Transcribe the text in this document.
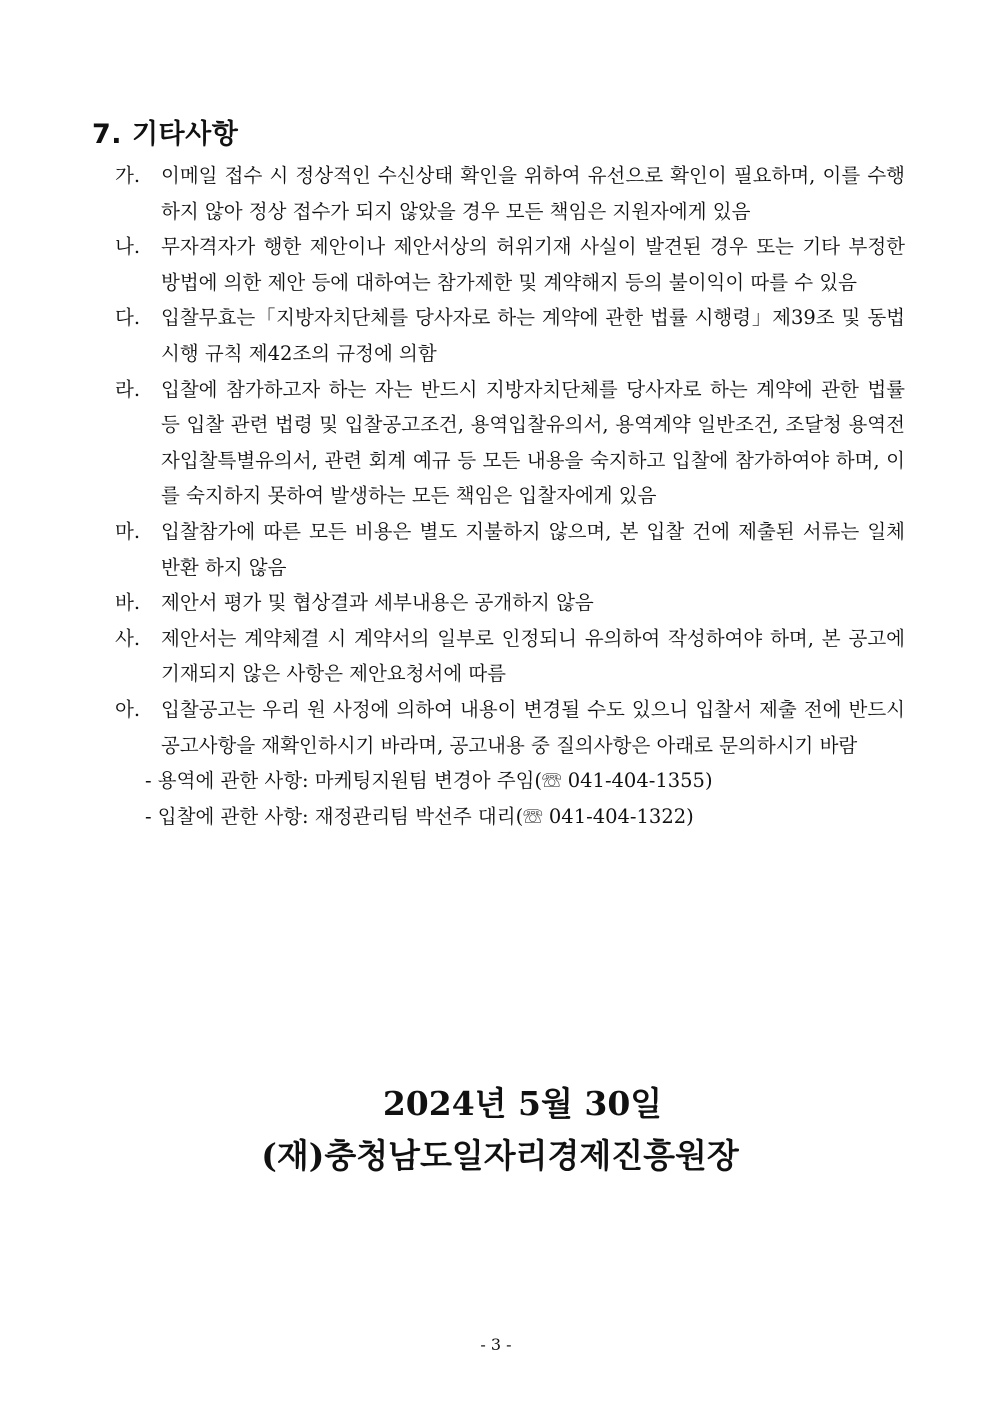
7. 기타사항
가. 이메일 접수 시 정상적인 수신상태 확인을 위하여 유선으로 확인이 필요하며, 이를 수행하지 않아 정상 접수가 되지 않았을 경우 모든 책임은 지원자에게 있음
나. 무자격자가 행한 제안이나 제안서상의 허위기재 사실이 발견된 경우 또는 기타 부정한 방법에 의한 제안 등에 대하여는 참가제한 및 계약해지 등의 불이익이 따를 수 있음
다. 입찰무효는「지방자치단체를 당사자로 하는 계약에 관한 법률 시행령」제39조 및 동법 시행 규칙 제42조의 규정에 의함
라. 입찰에 참가하고자 하는 자는 반드시 지방자치단체를 당사자로 하는 계약에 관한 법률 등 입찰 관련 법령 및 입찰공고조건, 용역입찰유의서, 용역계약 일반조건, 조달청 용역전자입찰특별유의서, 관련 회계 예규 등 모든 내용을 숙지하고 입찰에 참가하여야 하며, 이를 숙지하지 못하여 발생하는 모든 책임은 입찰자에게 있음
마. 입찰참가에 따른 모든 비용은 별도 지불하지 않으며, 본 입찰 건에 제출된 서류는 일체 반환 하지 않음
바. 제안서 평가 및 협상결과 세부내용은 공개하지 않음
사. 제안서는 계약체결 시 계약서의 일부로 인정되니 유의하여 작성하여야 하며, 본 공고에 기재되지 않은 사항은 제안요청서에 따름
아. 입찰공고는 우리 원 사정에 의하여 내용이 변경될 수도 있으니 입찰서 제출 전에 반드시 공고사항을 재확인하시기 바라며, 공고내용 중 질의사항은 아래로 문의하시기 바람
- 용역에 관한 사항: 마케팅지원팀 변경아 주임(☏ 041-404-1355)
- 입찰에 관한 사항: 재정관리팀 박선주 대리(☏ 041-404-1322)
2024년 5월 30일
(재)충청남도일자리경제진흥원장
- 3 -
